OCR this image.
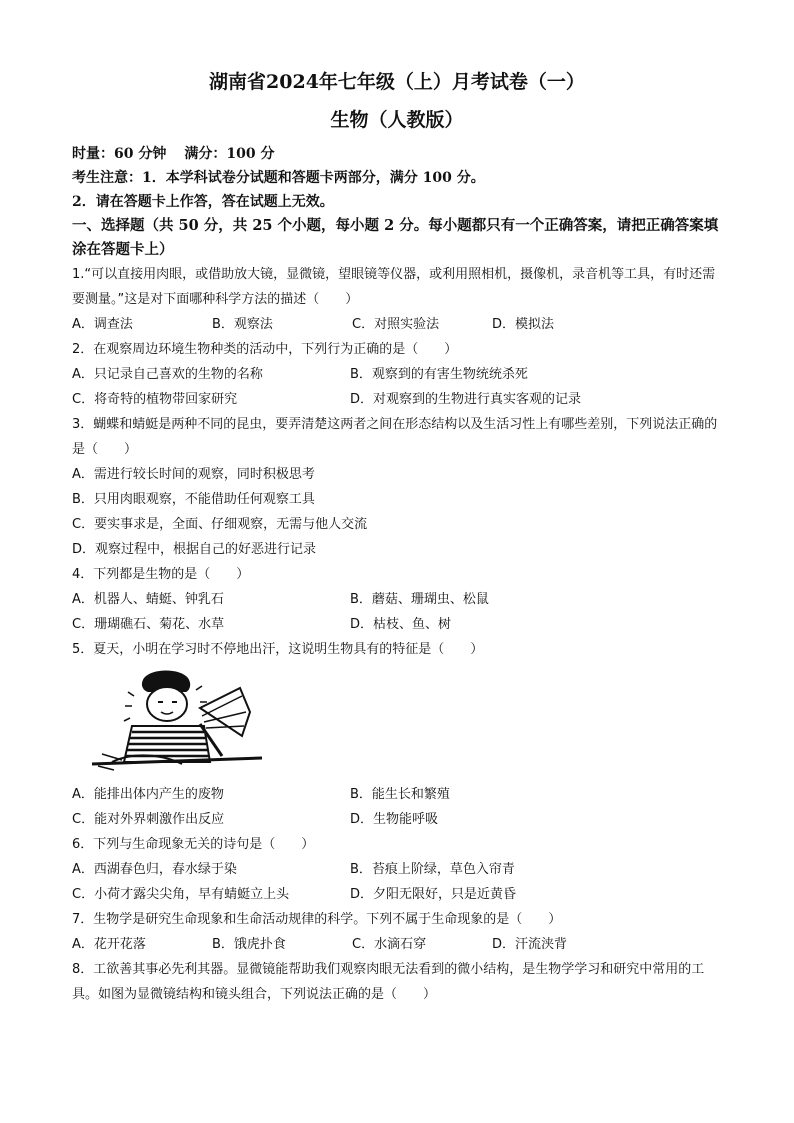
湖南省2024年七年级（上）月考试卷（一）
生物（人教版）
时量：60 分钟 满分：100 分
考生注意：1．本学科试卷分试题和答题卡两部分，满分 100 分。
2．请在答题卡上作答，答在试题上无效。
一、选择题（共 50 分，共 25 个小题，每小题 2 分。每小题都只有一个正确答案，请把正确答案填涂在答题卡上）
1.“可以直接用肉眼，或借助放大镜，显微镜，望眼镜等仪器，或利用照相机，摄像机，录音机等工具，有时还需要测量。”这是对下面哪种科学方法的描述（　　）
A．调查法	B．观察法	C．对照实验法	D．模拟法
2．在观察周边环境生物种类的活动中，下列行为正确的是（　　）
A．只记录自己喜欢的生物的名称	B．观察到的有害生物统统杀死
C．将奇特的植物带回家研究	D．对观察到的生物进行真实客观的记录
3．蝴蝶和蜻蜓是两种不同的昆虫，要弄清楚这两者之间在形态结构以及生活习性上有哪些差别，下列说法正确的是（　　）
A．需进行较长时间的观察，同时积极思考
B．只用肉眼观察，不能借助任何观察工具
C．要实事求是，全面、仔细观察，无需与他人交流
D．观察过程中，根据自己的好恶进行记录
4．下列都是生物的是（　　）
A．机器人、蜻蜓、钟乳石	B．蘑菇、珊瑚虫、松鼠
C．珊瑚礁石、菊花、水草	D．枯枝、鱼、树
5．夏天，小明在学习时不停地出汗，这说明生物具有的特征是（　　）
A．能排出体内产生的废物	B．能生长和繁殖
C．能对外界刺激作出反应	D．生物能呼吸
6．下列与生命现象无关的诗句是（　　）
A．西湖春色归，春水绿于染	B．苔痕上阶绿，草色入帘青
C．小荷才露尖尖角，早有蜻蜓立上头	D．夕阳无限好，只是近黄昏
7．生物学是研究生命现象和生命活动规律的科学。下列不属于生命现象的是（　　）
A．花开花落	B．饿虎扑食	C．水滴石穿	D．汗流浃背
8．工欲善其事必先利其器。显微镜能帮助我们观察肉眼无法看到的微小结构，是生物学学习和研究中常用的工具。如图为显微镜结构和镜头组合，下列说法正确的是（　　）
